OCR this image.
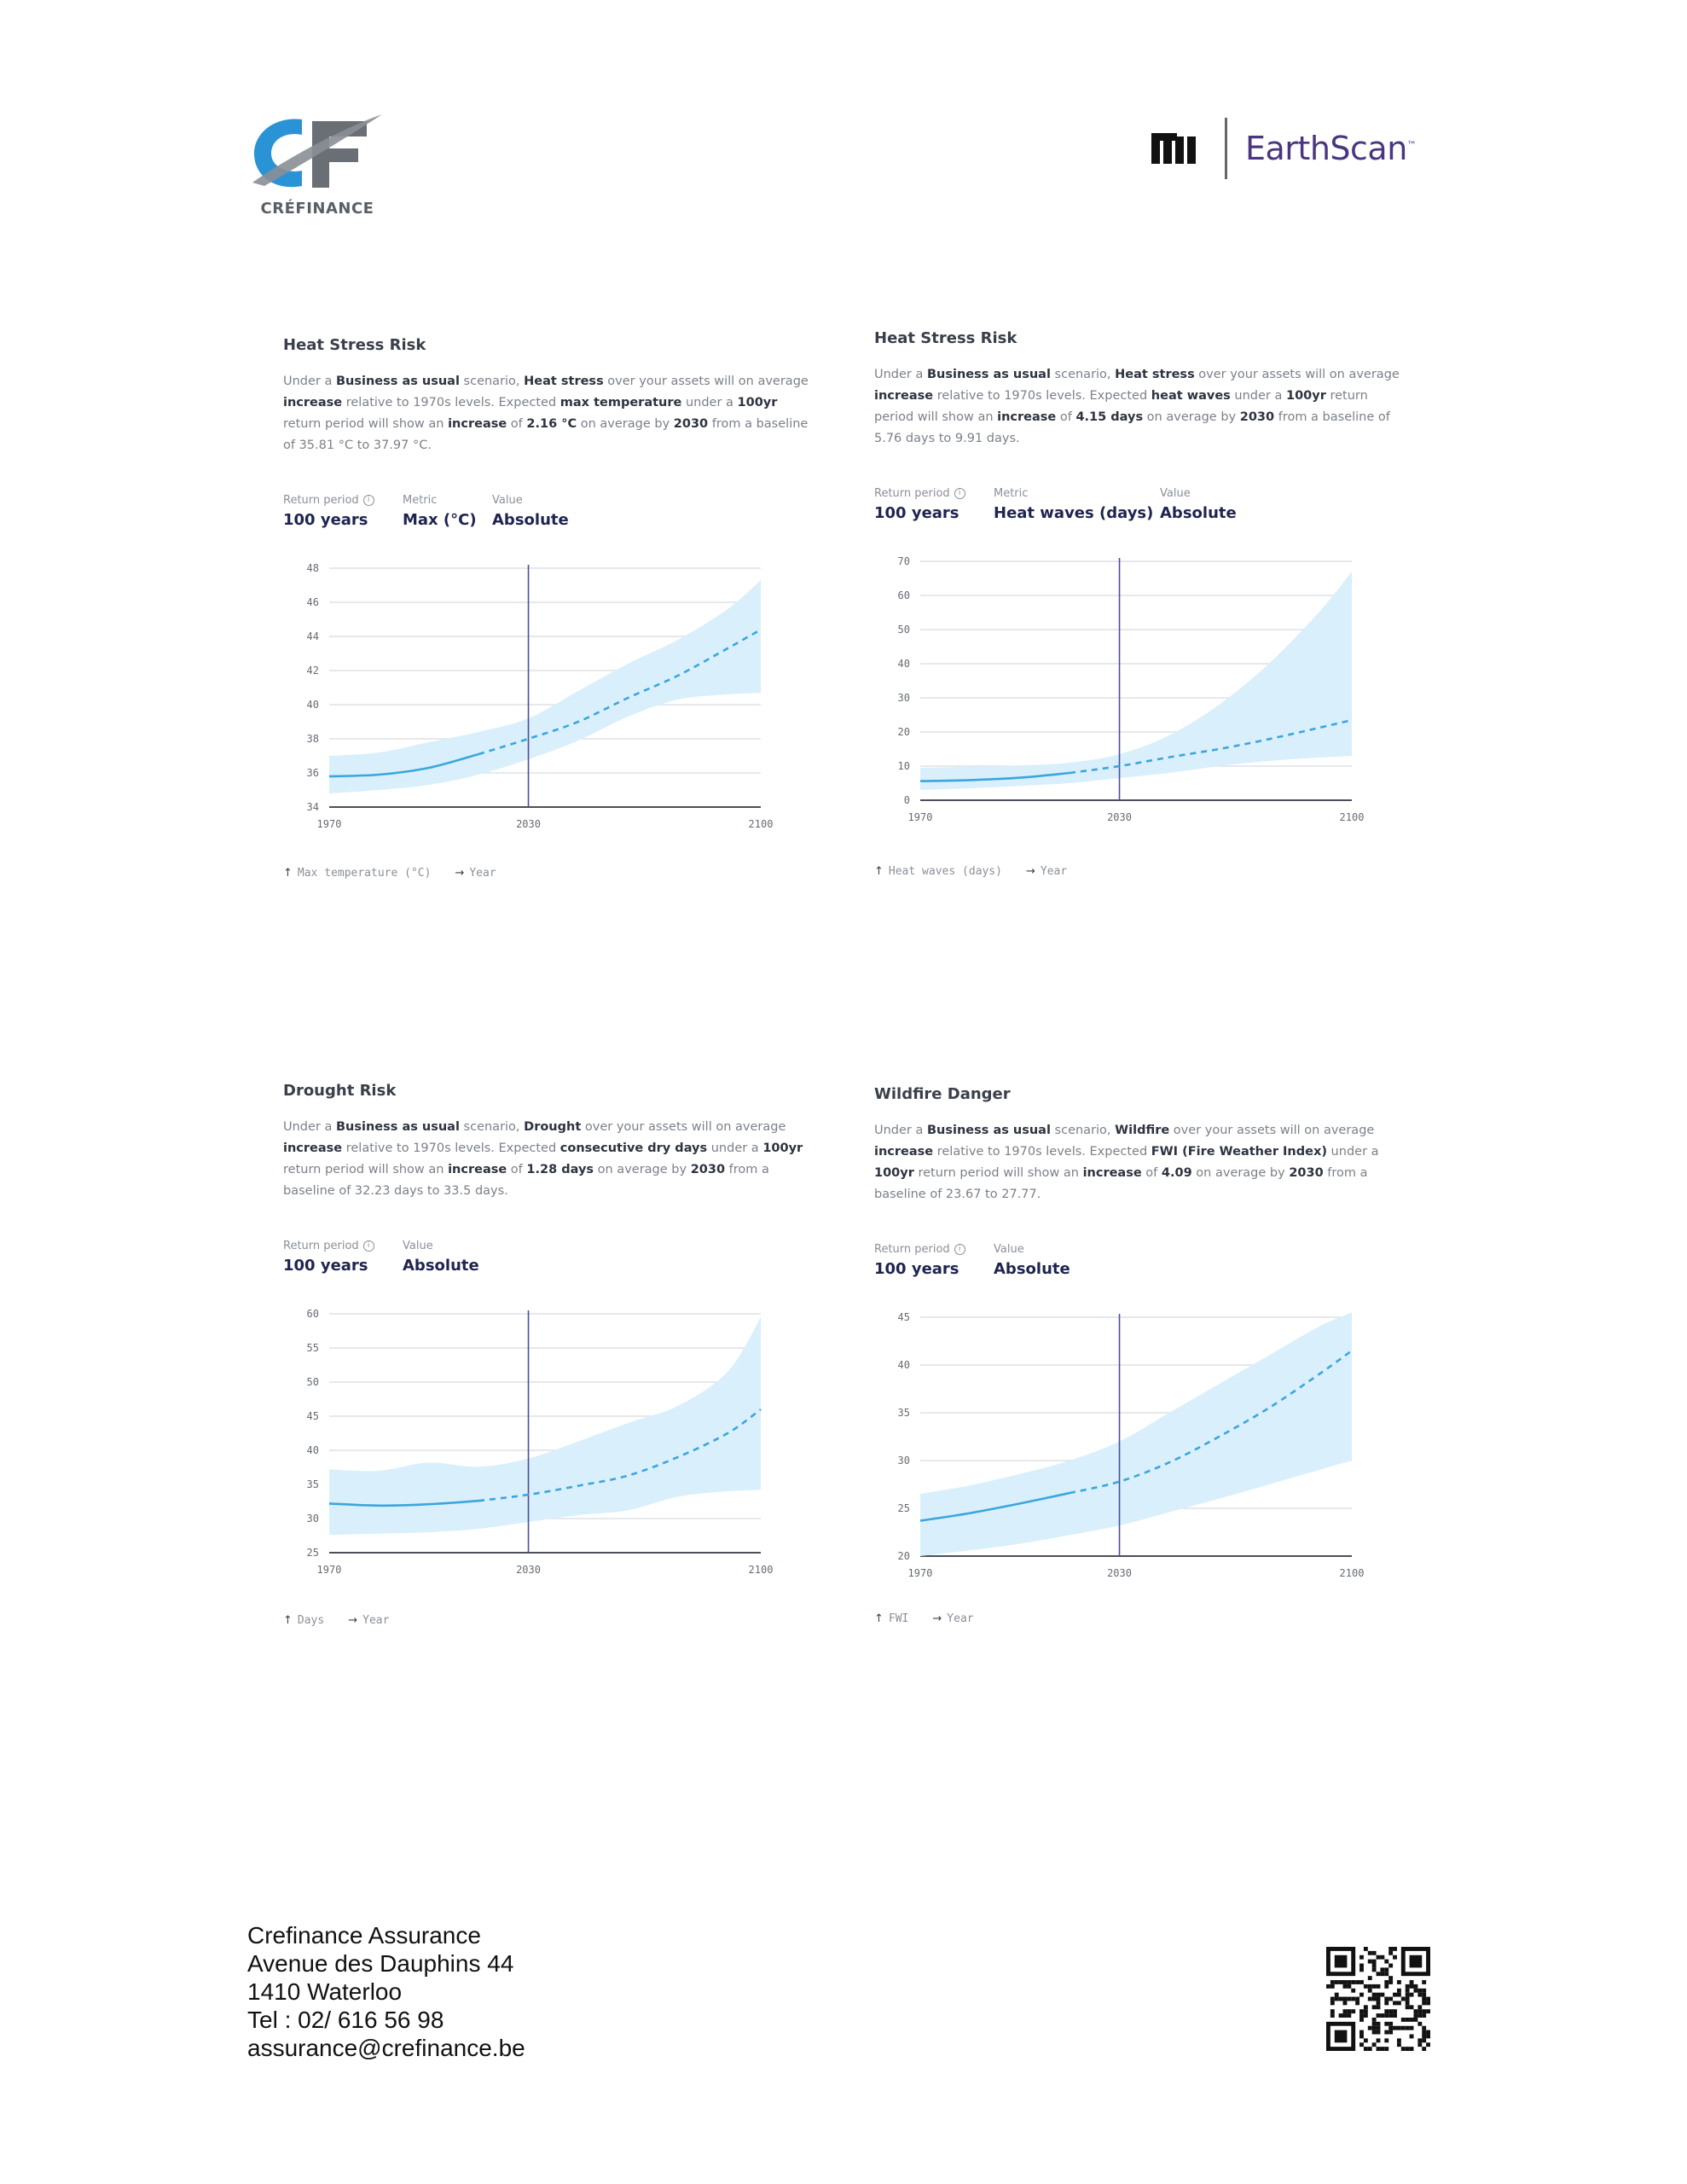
CRÉFINANCE
EarthScan™
Heat Stress Risk
Under a Business as usual scenario, Heat stress over your assets will on average increase relative to 1970s levels. Expected max temperature under a 100yr return period will show an increase of 2.16 °C on average by 2030 from a baseline of 35.81 °C to 37.97 °C.
Return period	i
100 years
Metric
Max (°C)
Value
Absolute
34
36
38
40
42
44
46
48
1970	2030	2100
↑ Max temperature (°C) → Year
Heat Stress Risk
Under a Business as usual scenario, Heat stress over your assets will on average increase relative to 1970s levels. Expected heat waves under a 100yr return period will show an increase of 4.15 days on average by 2030 from a baseline of 5.76 days to 9.91 days.
Return period	i
100 years
Metric
Heat waves (days)
Value
Absolute
0
10
20
30
40
50
60
70
1970	2030	2100
↑ Heat waves (days) → Year
Drought Risk
Under a Business as usual scenario, Drought over your assets will on average increase relative to 1970s levels. Expected consecutive dry days under a 100yr return period will show an increase of 1.28 days on average by 2030 from a baseline of 32.23 days to 33.5 days.
Return period	i
100 years
Value
Absolute
25
30
35
40
45
50
55
60
1970	2030	2100
↑ Days → Year
Wildfire Danger
Under a Business as usual scenario, Wildfire over your assets will on average increase relative to 1970s levels. Expected FWI (Fire Weather Index) under a 100yr return period will show an increase of 4.09 on average by 2030 from a baseline of 23.67 to 27.77.
Return period	i
100 years
Value
Absolute
20
25
30
35
40
45
1970	2030	2100
↑ FWI → Year
Crefinance Assurance
Avenue des Dauphins 44
1410 Waterloo
Tel : 02/ 616 56 98
assurance@crefinance.be
